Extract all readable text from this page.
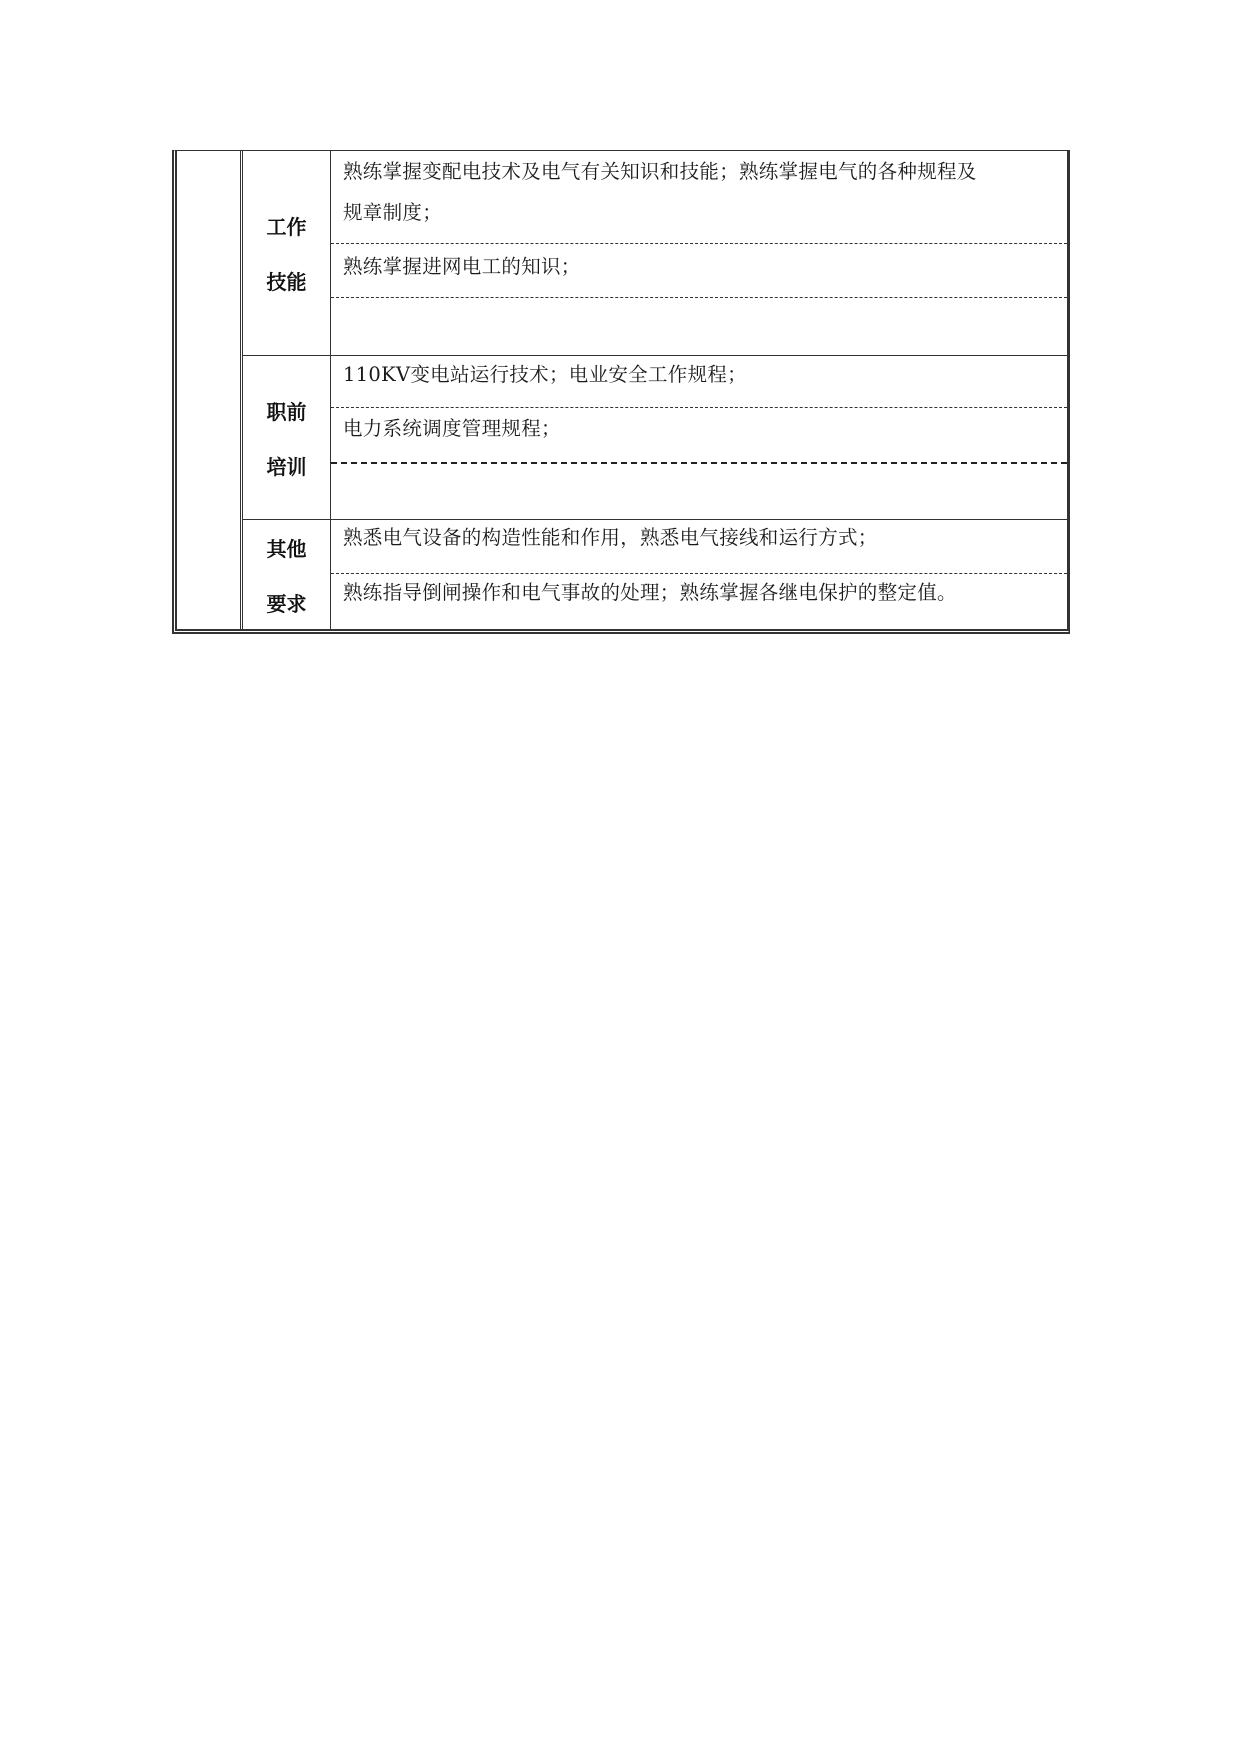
工作
技能
熟练掌握变配电技术及电气有关知识和技能；熟练掌握电气的各种规程及
规章制度；
熟练掌握进网电工的知识；
职前
培训
110KV变电站运行技术；电业安全工作规程；
电力系统调度管理规程；
其他
要求
熟悉电气设备的构造性能和作用，熟悉电气接线和运行方式；
熟练指导倒闸操作和电气事故的处理；熟练掌握各继电保护的整定值。
